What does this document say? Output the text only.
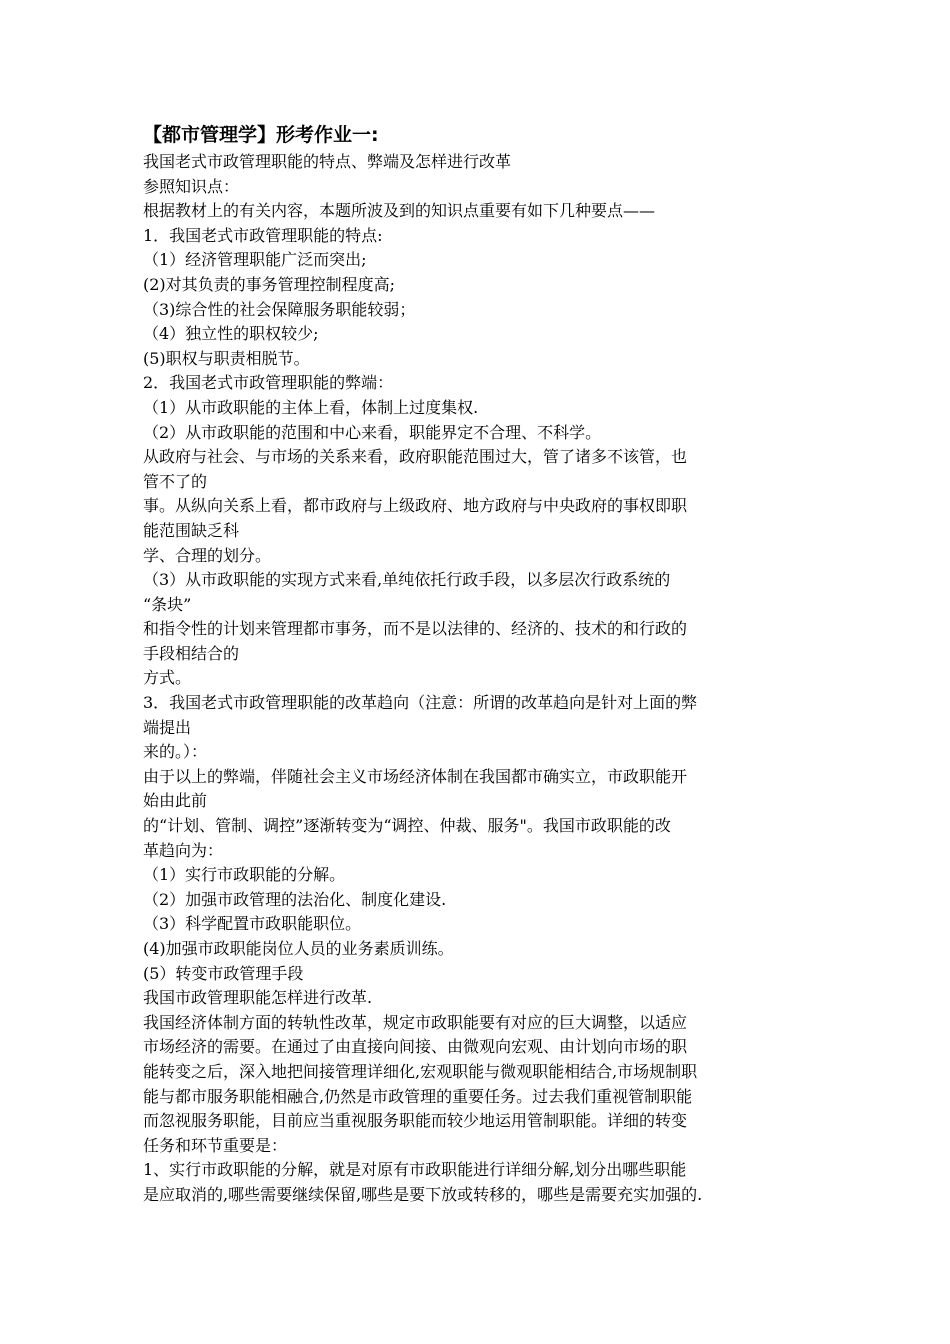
【都市管理学】形考作业一:

我国老式市政管理职能的特点、弊端及怎样进行改革

参照知识点：

根据教材上的有关内容，本题所波及到的知识点重要有如下几种要点——

1．我国老式市政管理职能的特点:

（1）经济管理职能广泛而突出;

(2)对其负责的事务管理控制程度高;

（3)综合性的社会保障服务职能较弱；

（4）独立性的职权较少;

(5)职权与职责相脱节。

2．我国老式市政管理职能的弊端：

（1）从市政职能的主体上看，体制上过度集权.

（2）从市政职能的范围和中心来看，职能界定不合理、不科学。

从政府与社会、与市场的关系来看，政府职能范围过大，管了诸多不该管，也

管不了的

事。从纵向关系上看，都市政府与上级政府、地方政府与中央政府的事权即职

能范围缺乏科

学、合理的划分。

（3）从市政职能的实现方式来看,单纯依托行政手段，以多层次行政系统的

“条块”

和指令性的计划来管理都市事务，而不是以法律的、经济的、技术的和行政的

手段相结合的

方式。

3．我国老式市政管理职能的改革趋向（注意：所谓的改革趋向是针对上面的弊

端提出

来的。）：

由于以上的弊端，伴随社会主义市场经济体制在我国都市确实立，市政职能开

始由此前

的“计划、管制、调控”逐渐转变为“调控、仲裁、服务"。我国市政职能的改

革趋向为：

（1）实行市政职能的分解。

（2）加强市政管理的法治化、制度化建设.

（3）科学配置市政职能职位。

(4)加强市政职能岗位人员的业务素质训练。

(5）转变市政管理手段

我国市政管理职能怎样进行改革.

我国经济体制方面的转轨性改革，规定市政职能要有对应的巨大调整，以适应

市场经济的需要。在通过了由直接向间接、由微观向宏观、由计划向市场的职

能转变之后，深入地把间接管理详细化,宏观职能与微观职能相结合,市场规制职

能与都市服务职能相融合,仍然是市政管理的重要任务。过去我们重视管制职能

而忽视服务职能，目前应当重视服务职能而较少地运用管制职能。详细的转变

任务和环节重要是：

1、实行市政职能的分解，就是对原有市政职能进行详细分解,划分出哪些职能

是应取消的,哪些需要继续保留,哪些是要下放或转移的，哪些是需要充实加强的.
